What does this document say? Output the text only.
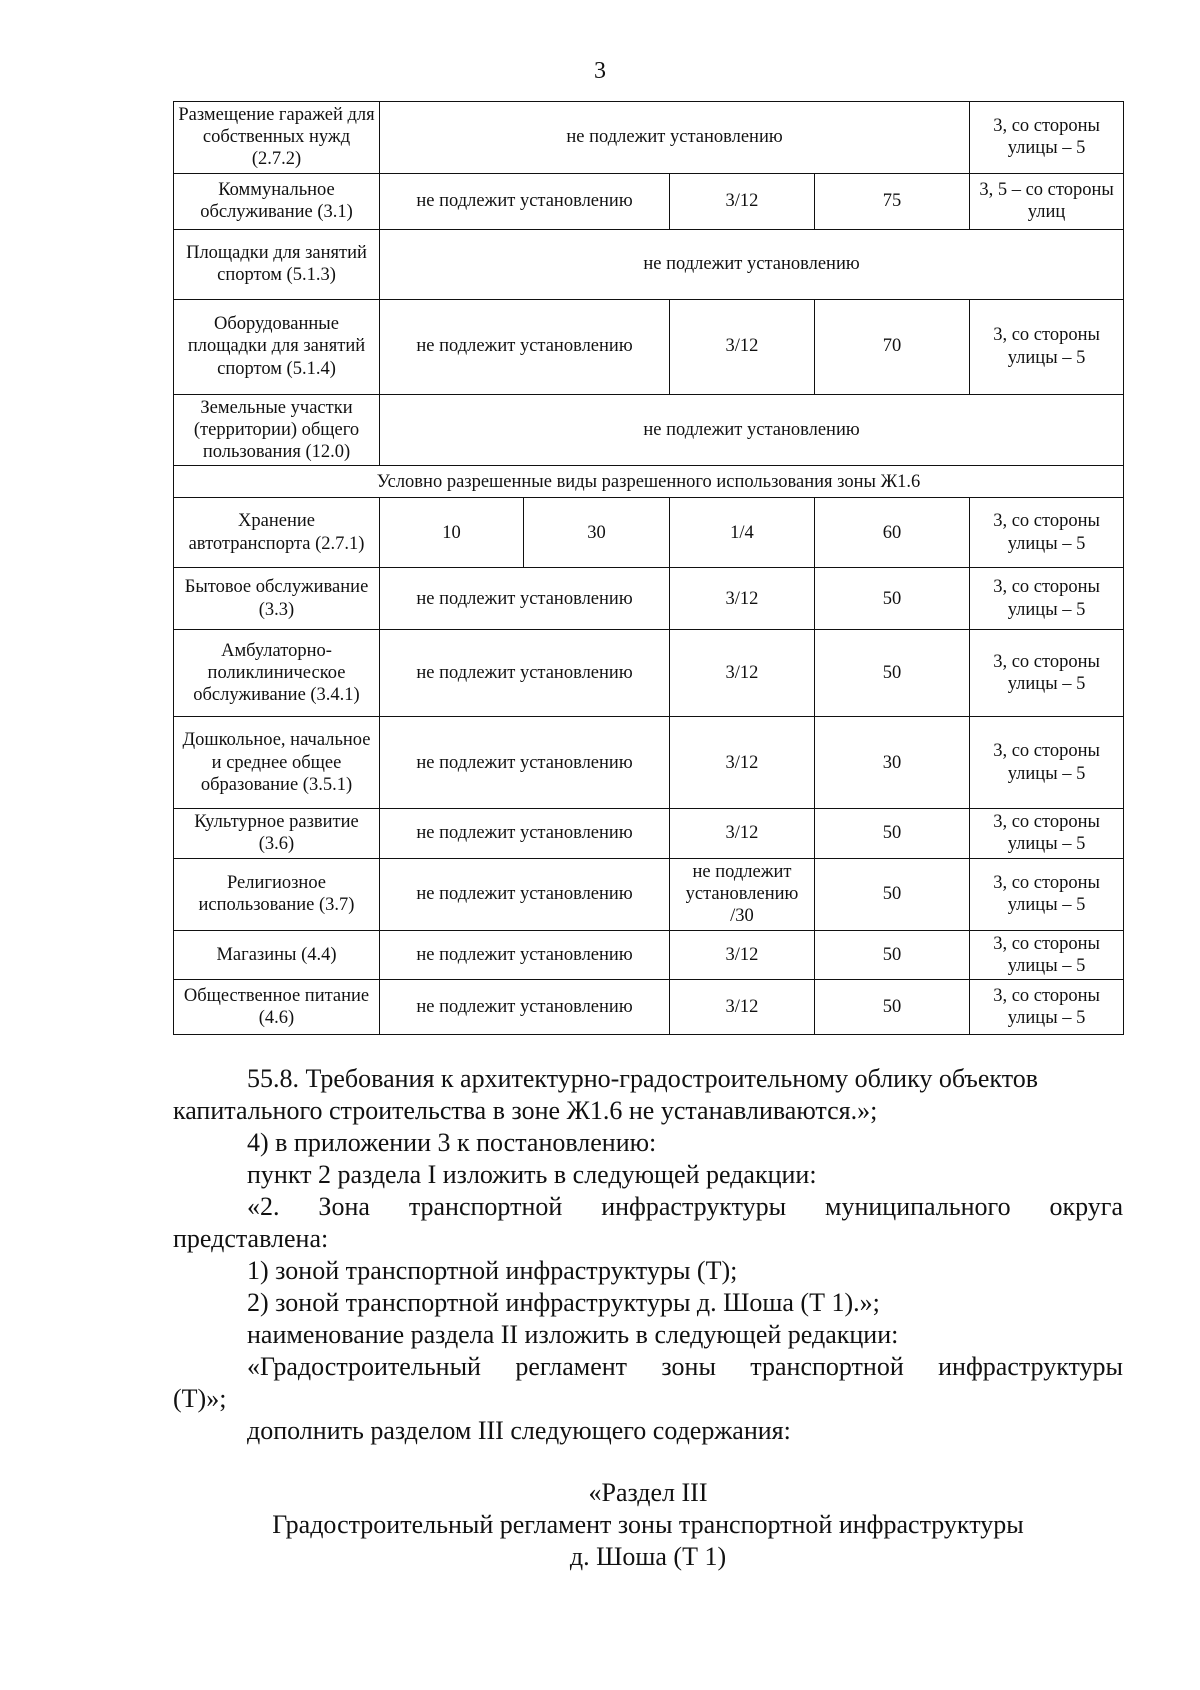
3
Размещение гаражей для собственных нужд (2.7.2)	не подлежит установлению				3, со стороны улицы – 5
Коммунальное обслуживание (3.1)	не подлежит установлению		3/12	75	3, 5 – со стороны улиц
Площадки для занятий спортом (5.1.3)	не подлежит установлению				
Оборудованные площадки для занятий спортом (5.1.4)	не подлежит установлению		3/12	70	3, со стороны улицы – 5
Земельные участки (территории) общего пользования (12.0)	не подлежит установлению				
Условно разрешенные виды разрешенного использования зоны Ж1.6					
Хранение автотранспорта (2.7.1)	10	30	1/4	60	3, со стороны улицы – 5
Бытовое обслуживание (3.3)	не подлежит установлению		3/12	50	3, со стороны улицы – 5
Амбулаторно-поликлиническое обслуживание (3.4.1)	не подлежит установлению		3/12	50	3, со стороны улицы – 5
Дошкольное, начальное и среднее общее образование (3.5.1)	не подлежит установлению		3/12	30	3, со стороны улицы – 5
Культурное развитие (3.6)	не подлежит установлению		3/12	50	3, со стороны улицы – 5
Религиозное использование (3.7)	не подлежит установлению		не подлежит установлению /30	50	3, со стороны улицы – 5
Магазины (4.4)	не подлежит установлению		3/12	50	3, со стороны улицы – 5
Общественное питание (4.6)	не подлежит установлению		3/12	50	3, со стороны улицы – 5

55.8. Требования к архитектурно-градостроительному облику объектов капитального строительства в зоне Ж1.6 не устанавливаются.»;

4) в приложении 3 к постановлению:

пункт 2 раздела I изложить в следующей редакции:

«2. Зона транспортной инфраструктуры муниципального округа

представлена:

1) зоной транспортной инфраструктуры (Т);

2) зоной транспортной инфраструктуры д. Шоша (Т 1).»;

наименование раздела II изложить в следующей редакции:

«Градостроительный регламент зоны транспортной инфраструктуры

(Т)»;

дополнить разделом III следующего содержания:

«Раздел III

Градостроительный регламент зоны транспортной инфраструктуры

д. Шоша (Т 1)
